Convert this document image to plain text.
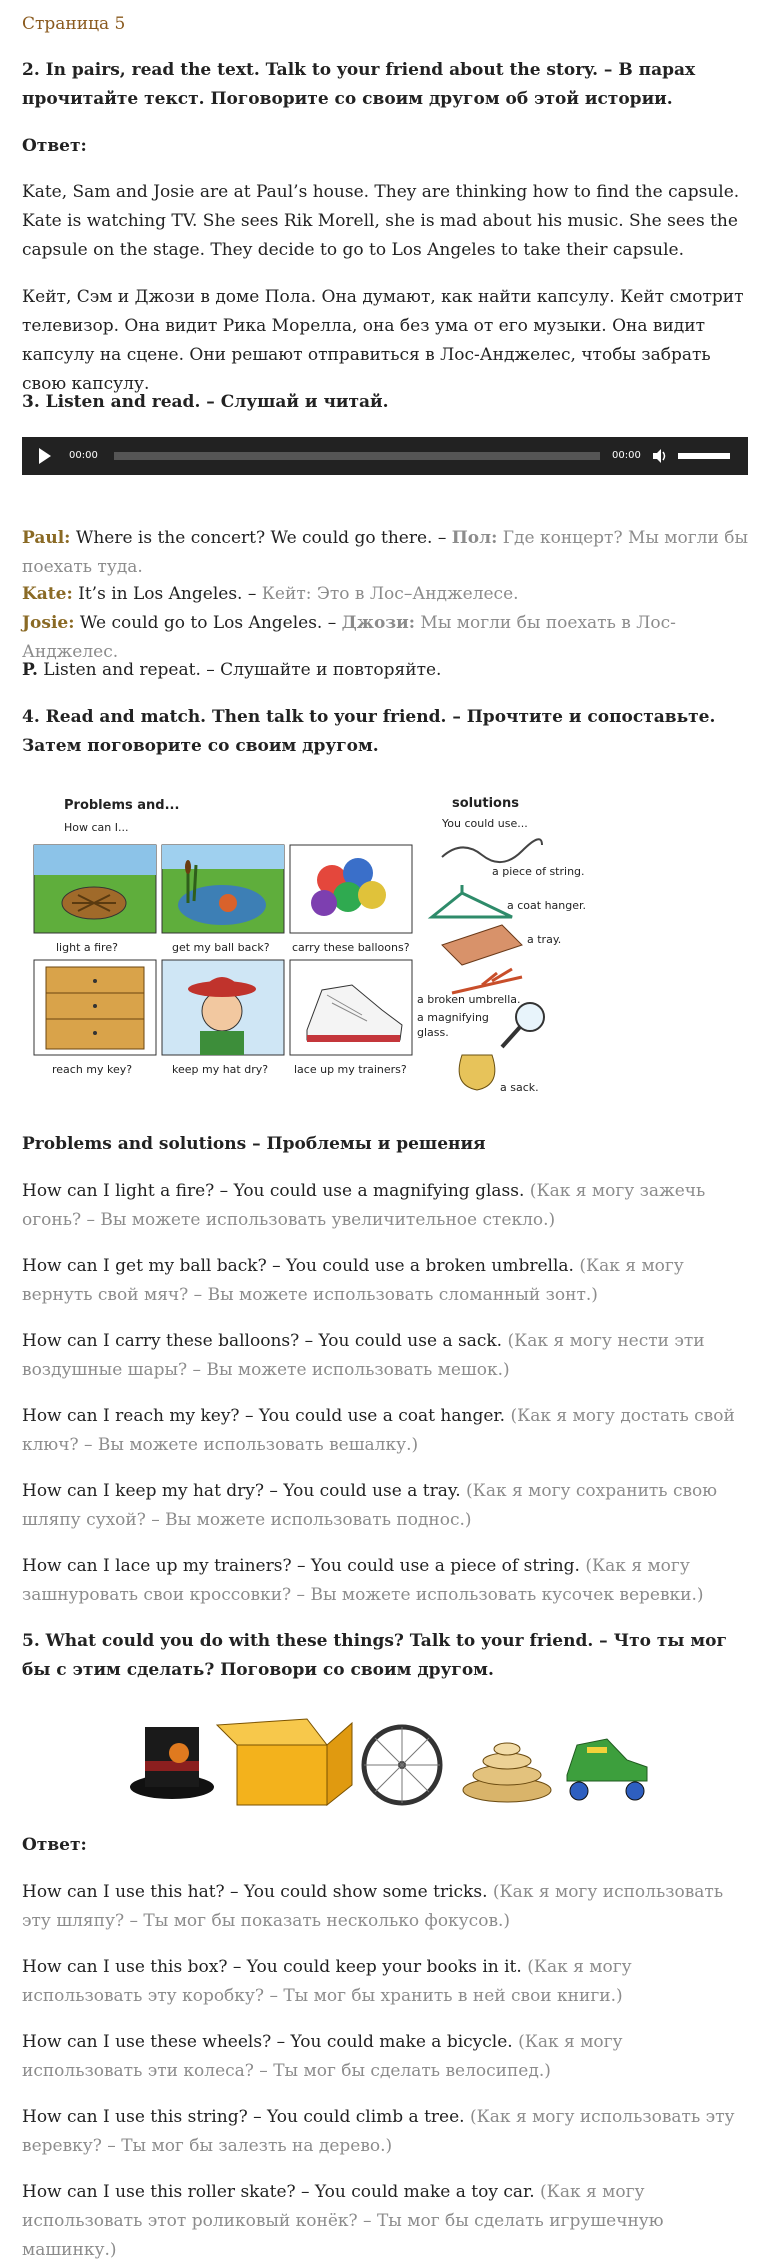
Страница 5
2. In pairs, read the text. Talk to your friend about the story. – В парах прочитайте текст. Поговорите со своим другом об этой истории.
Ответ:
Kate, Sam and Josie are at Paul’s house. They are thinking how to find the capsule. Kate is watching TV. She sees Rik Morell, she is mad about his music. She sees the capsule on the stage. They decide to go to Los Angeles to take their capsule.
Кейт, Сэм и Джози в доме Пола. Она думают, как найти капсулу. Кейт смотрит телевизор. Она видит Рика Морелла, она без ума от его музыки. Она видит капсулу на сцене. Они решают отправиться в Лос-Анджелес, чтобы забрать свою капсулу.
3. Listen and read. – Слушай и читай.
00:00	00:00
Paul: Where is the concert? We could go there. – Пол: Где концерт? Мы могли бы поехать туда.
Kate: It’s in Los Angeles. – Кейт: Это в Лос–Анджелесе.
Josie: We could go to Los Angeles. – Джози: Мы могли бы поехать в Лос-Анджелес.
P. Listen and repeat. – Слушайте и повторяйте.
4. Read and match. Then talk to your friend. – Прочтите и сопоставьте. Затем поговорите со своим другом.
Problems and...
How can I...
solutions
You could use...
light a fire?	get my ball back? carry these balloons?
reach my key?	keep my hat dry? lace up my trainers?
a piece of string.
a coat hanger.
a tray.
a broken umbrella.
a magnifying
glass.
a sack.
Problems and solutions – Проблемы и решения
How can I light a fire? – You could use a magnifying glass. (Как я могу зажечь огонь? – Вы можете использовать увеличительное стекло.)
How can I get my ball back? – You could use a broken umbrella. (Как я могу вернуть свой мяч? – Вы можете использовать сломанный зонт.)
How can I carry these balloons? – You could use a sack. (Как я могу нести эти воздушные шары? – Вы можете использовать мешок.)
How can I reach my key? – You could use a coat hanger. (Как я могу достать свой ключ? – Вы можете использовать вешалку.)
How can I keep my hat dry? – You could use a tray. (Как я могу сохранить свою шляпу сухой? – Вы можете использовать поднос.)
How can I lace up my trainers? – You could use a piece of string. (Как я могу зашнуровать свои кроссовки? – Вы можете использовать кусочек веревки.)
5. What could you do with these things? Talk to your friend. – Что ты мог бы с этим сделать? Поговори со своим другом.
Ответ:
How can I use this hat? – You could show some tricks. (Как я могу использовать эту шляпу? – Ты мог бы показать несколько фокусов.)
How can I use this box? – You could keep your books in it. (Как я могу использовать эту коробку? – Ты мог бы хранить в ней свои книги.)
How can I use these wheels? – You could make a bicycle. (Как я могу использовать эти колеса? – Ты мог бы сделать велосипед.)
How can I use this string? – You could climb a tree. (Как я могу использовать эту веревку? – Ты мог бы залезть на дерево.)
How can I use this roller skate? – You could make a toy car. (Как я могу использовать этот роликовый конёк? – Ты мог бы сделать игрушечную машинку.)
